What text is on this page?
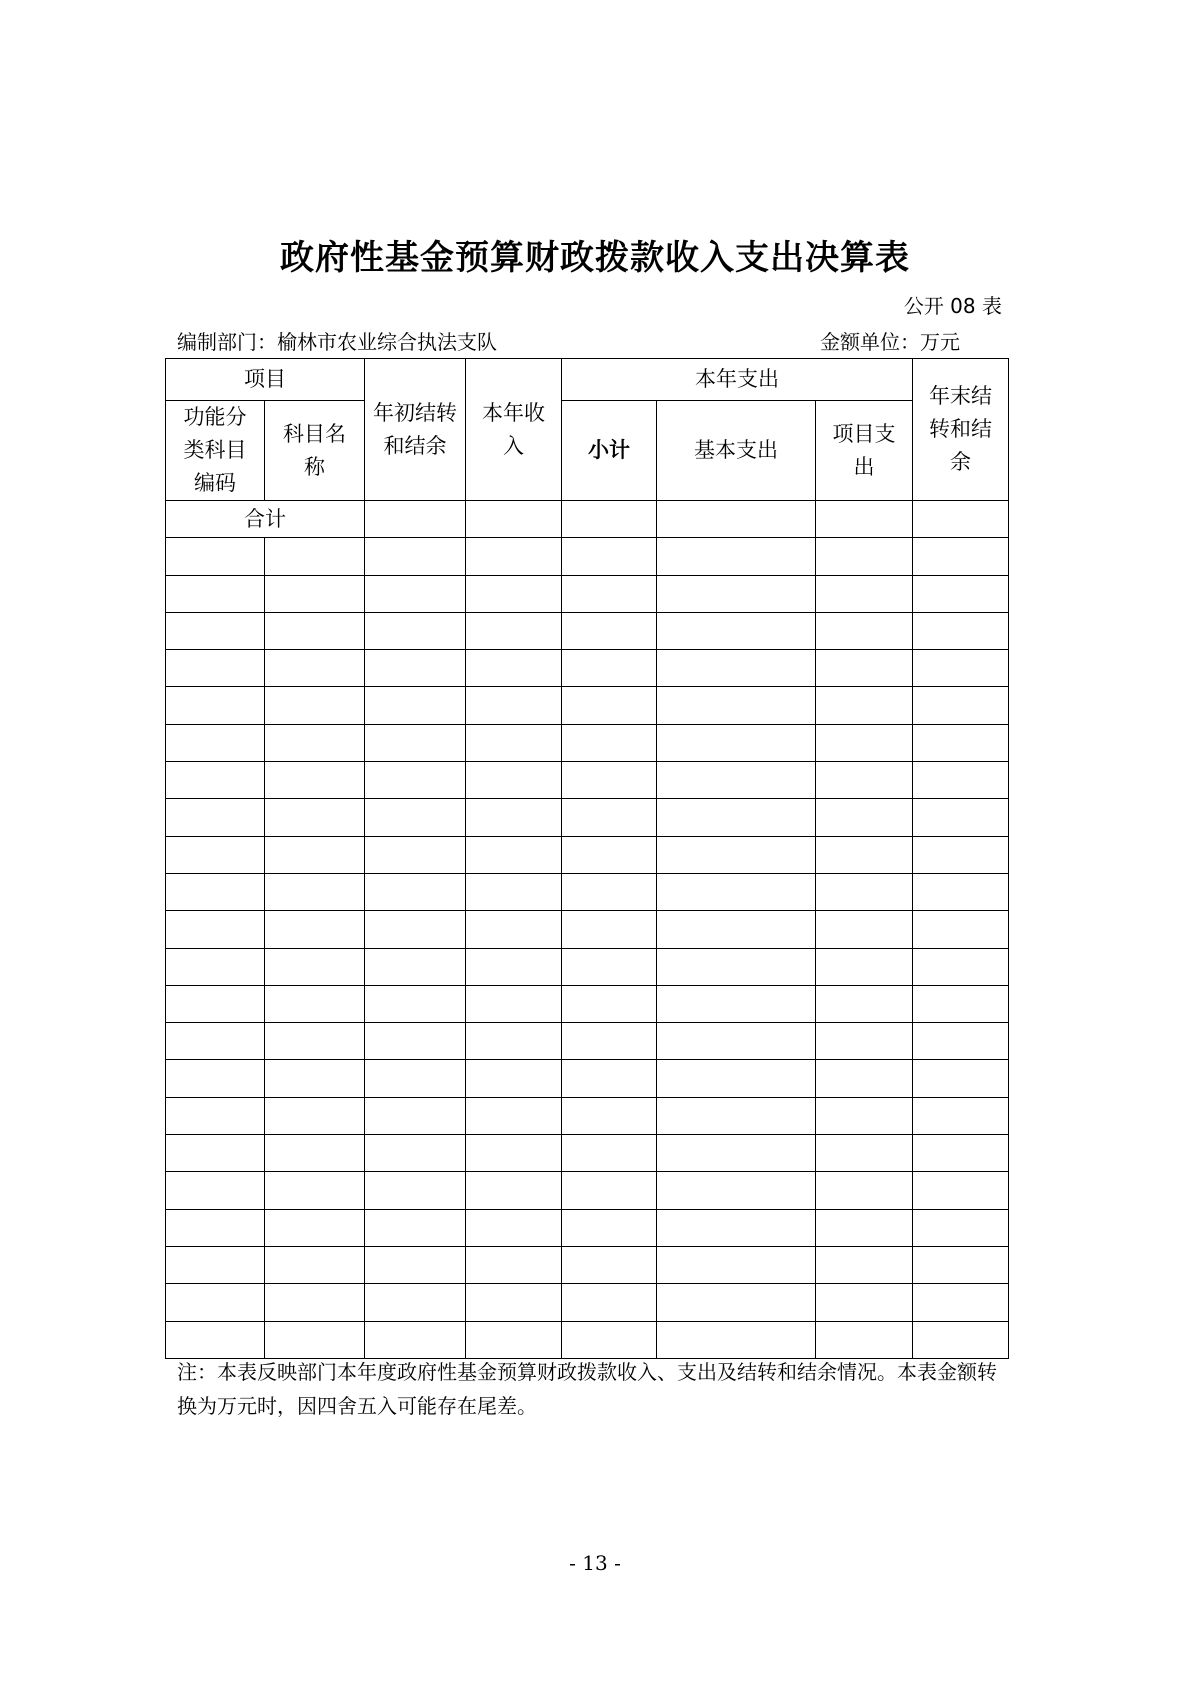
政府性基金预算财政拨款收入支出决算表
公开 08 表
编制部门：榆林市农业综合执法支队	金额单位：万元
项目		年初结转和结余	本年收入	本年支出			年末结转和结余
功能分类科目编码	科目名称			小计	基本支出	项目支出	
合计							

注：本表反映部门本年度政府性基金预算财政拨款收入、支出及结转和结余情况。本表金额转换为万元时，因四舍五入可能存在尾差。
- 13 -
